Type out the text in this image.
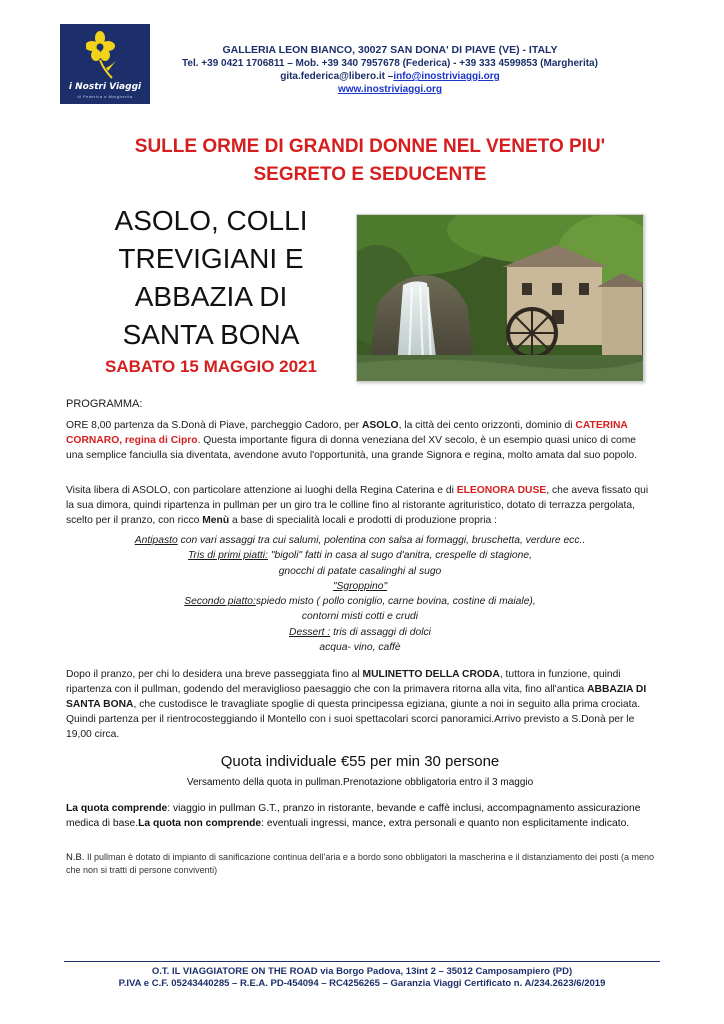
i Nostri Viaggi
di Federica e Margherita
GALLERIA LEON BIANCO, 30027 SAN DONA' DI PIAVE (VE) - ITALY
Tel. +39 0421 1706811 – Mob. +39 340 7957678 (Federica) - +39 333 4599853 (Margherita)
gita.federica@libero.it –info@inostriviaggi.org
www.inostriviaggi.org
SULLE ORME DI GRANDI DONNE NEL VENETO PIU'
SEGRETO E SEDUCENTE
ASOLO, COLLI
TREVIGIANI E
ABBAZIA DI
SANTA BONA
SABATO 15 MAGGIO 2021
PROGRAMMA:
ORE 8,00 partenza da S.Donà di Piave, parcheggio Cadoro, per ASOLO, la città dei cento orizzonti, dominio di CATERINA CORNARO, regina di Cipro. Questa importante figura di donna veneziana del XV secolo, è un esempio quasi unico di come una semplice fanciulla sia diventata, avendone avuto l'opportunità, una grande Signora e regina, molto amata dal suo popolo.
Visita libera di ASOLO, con particolare attenzione ai luoghi della Regina Caterina e di ELEONORA DUSE, che aveva fissato qui la sua dimora, quindi ripartenza in pullman per un giro tra le colline fino al ristorante agrituristico, dotato di terrazza pergolata, scelto per il pranzo, con ricco Menù a base di specialità locali e prodotti di produzione propria :
Antipasto con vari assaggi tra cui salumi, polentina con salsa ai formaggi, bruschetta, verdure ecc..
Tris di primi piatti: "bigoli" fatti in casa al sugo d'anitra, crespelle di stagione,
gnocchi di patate casalinghi al sugo
"Sgroppino"
Secondo piatto:spiedo misto ( pollo coniglio, carne bovina, costine di maiale),
contorni misti cotti e crudi
Dessert : tris di assaggi di dolci
acqua- vino, caffè
Dopo il pranzo, per chi lo desidera una breve passeggiata fino al MULINETTO DELLA CRODA, tuttora in funzione, quindi ripartenza con il pullman, godendo del meraviglioso paesaggio che con la primavera ritorna alla vita, fino all'antica ABBAZIA DI SANTA BONA, che custodisce le travagliate spoglie di questa principessa egiziana, giunte a noi in seguito alla prima crociata. Quindi partenza per il rientrocosteggiando il Montello con i suoi spettacolari scorci panoramici.Arrivo previsto a S.Donà per le 19,00 circa.
Quota individuale €55 per min 30 persone
Versamento della quota in pullman.Prenotazione obbligatoria entro il 3 maggio
La quota comprende: viaggio in pullman G.T., pranzo in ristorante, bevande e caffè inclusi, accompagnamento assicurazione medica di base.La quota non comprende: eventuali ingressi, mance, extra personali e quanto non esplicitamente indicato.
N.B. Il pullman è dotato di impianto di sanificazione continua dell'aria e a bordo sono obbligatori la mascherina e il distanziamento dei posti (a meno che non si tratti di persone conviventi)
O.T. IL VIAGGIATORE ON THE ROAD via Borgo Padova, 13int 2 – 35012 Camposampiero (PD)
P.IVA e C.F. 05243440285 – R.E.A. PD-454094 – RC4256265 – Garanzia Viaggi Certificato n. A/234.2623/6/2019
